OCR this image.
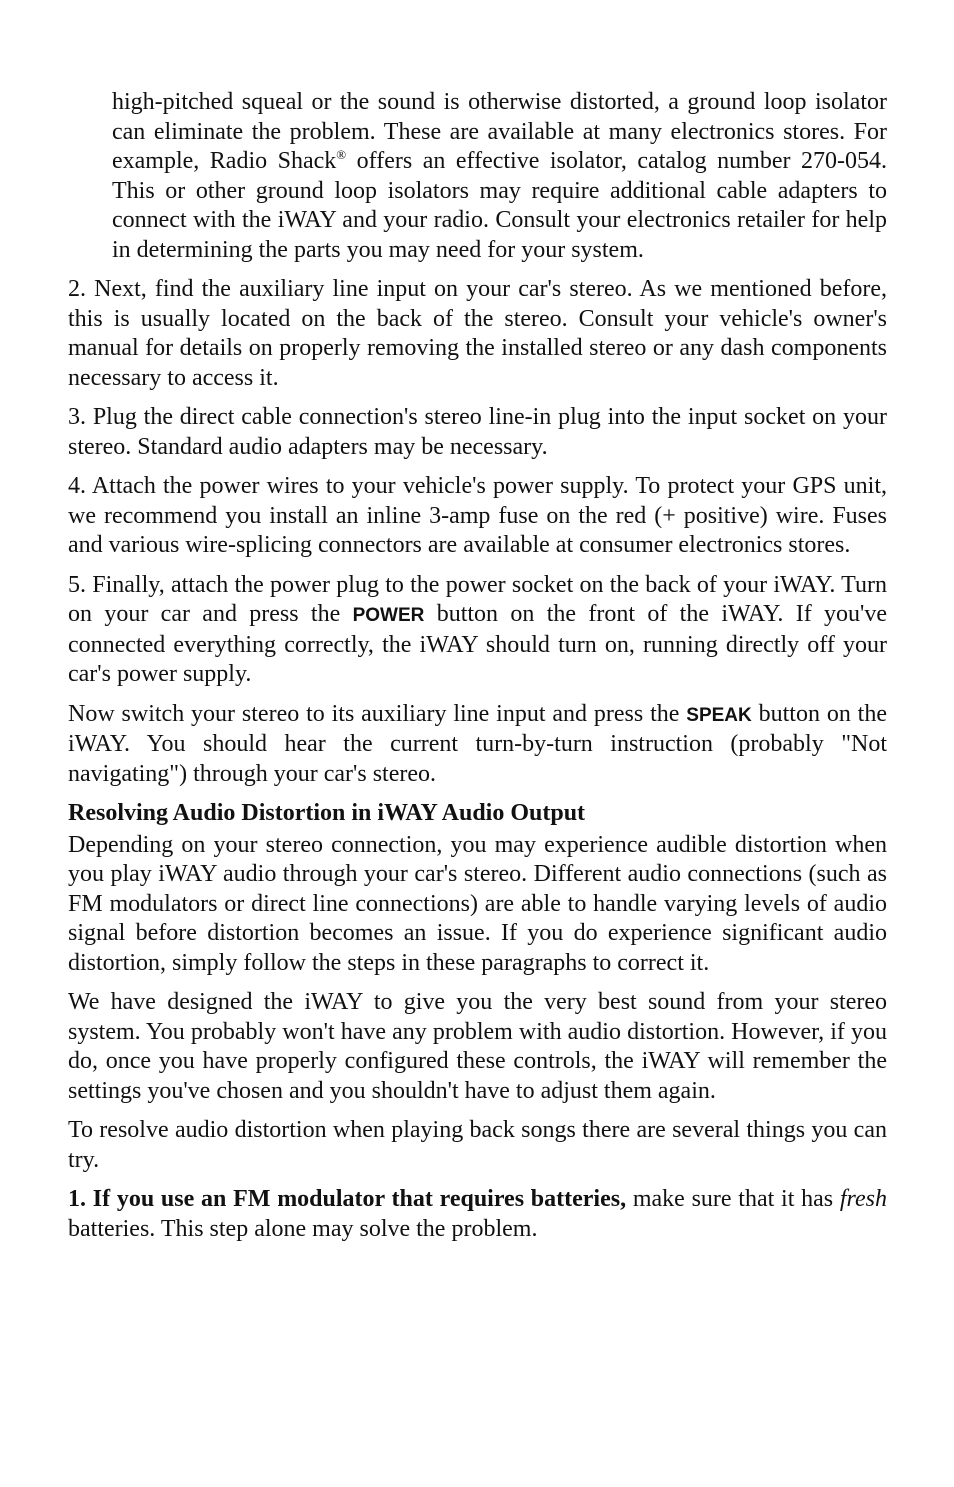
high-pitched squeal or the sound is otherwise distorted, a ground loop isolator can eliminate the problem. These are available at many electronics stores. For example, Radio Shack® offers an effective isolator, catalog number 270-054. This or other ground loop isolators may require additional cable adapters to connect with the iWAY and your radio. Consult your electronics retailer for help in determining the parts you may need for your system.

2. Next, find the auxiliary line input on your car's stereo. As we mentioned before, this is usually located on the back of the stereo. Consult your vehicle's owner's manual for details on properly removing the installed stereo or any dash components necessary to access it.

3. Plug the direct cable connection's stereo line-in plug into the input socket on your stereo. Standard audio adapters may be necessary.

4. Attach the power wires to your vehicle's power supply. To protect your GPS unit, we recommend you install an inline 3-amp fuse on the red (+ positive) wire. Fuses and various wire-splicing connectors are available at consumer electronics stores.

5. Finally, attach the power plug to the power socket on the back of your iWAY. Turn on your car and press the POWER button on the front of the iWAY. If you've connected everything correctly, the iWAY should turn on, running directly off your car's power supply.

Now switch your stereo to its auxiliary line input and press the SPEAK button on the iWAY. You should hear the current turn-by-turn instruction (probably "Not navigating") through your car's stereo.

Resolving Audio Distortion in iWAY Audio Output

Depending on your stereo connection, you may experience audible distortion when you play iWAY audio through your car's stereo. Different audio connections (such as FM modulators or direct line connections) are able to handle varying levels of audio signal before distortion becomes an issue. If you do experience significant audio distortion, simply follow the steps in these paragraphs to correct it.

We have designed the iWAY to give you the very best sound from your stereo system. You probably won't have any problem with audio distortion. However, if you do, once you have properly configured these controls, the iWAY will remember the settings you've chosen and you shouldn't have to adjust them again.

To resolve audio distortion when playing back songs there are several things you can try.

1. If you use an FM modulator that requires batteries, make sure that it has fresh batteries. This step alone may solve the problem.
